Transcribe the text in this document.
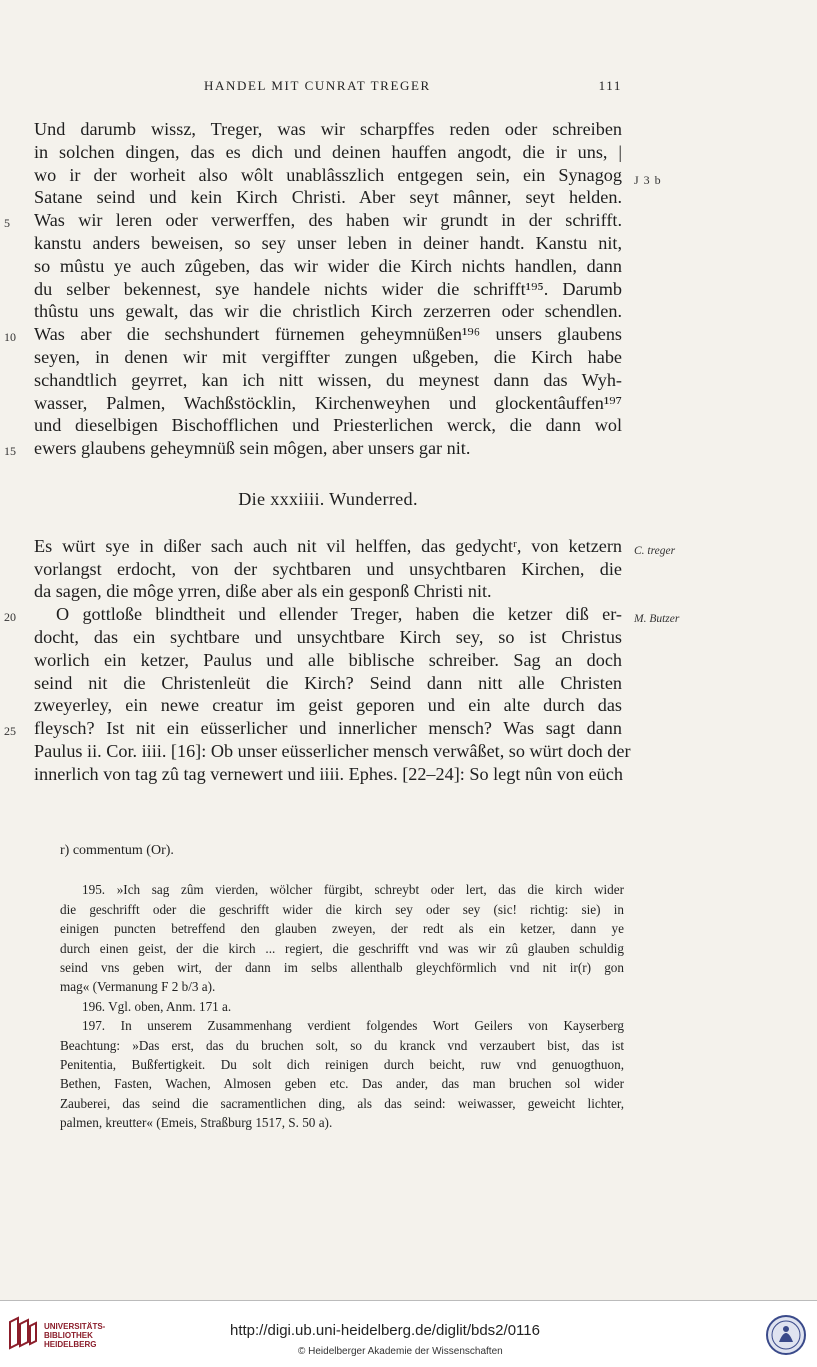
HANDEL MIT CUNRAT TREGER	111
Und darumb wissz, Treger, was wir scharpffes reden oder schreiben
in solchen dingen, das es dich und deinen hauffen angodt, die ir uns, |
wo ir der worheit also wôlt unablâsszlich entgegen sein, ein Synagog J 3 b
Satane seind und kein Kirch Christi. Aber seyt mânner, seyt helden.
Was wir leren oder verwerffen, des haben wir grundt in der schrifft.
5
kanstu anders beweisen, so sey unser leben in deiner handt. Kanstu nit,
so mûstu ye auch zûgeben, das wir wider die Kirch nichts handlen, dann
du selber bekennest, sye handele nichts wider die schrifft¹⁹⁵. Darumb
thûstu uns gewalt, das wir die christlich Kirch zerzerren oder schendlen.
Was aber die sechshundert fürnemen geheymnüßen¹⁹⁶ unsers glaubens
10
seyen, in denen wir mit vergiffter zungen ußgeben, die Kirch habe
schandtlich geyrret, kan ich nitt wissen, du meynest dann das Wyh-
wasser, Palmen, Wachßstöcklin, Kirchenweyhen und glockentâuffen¹⁹⁷
und dieselbigen Bischofflichen und Priesterlichen werck, die dann wol
ewers glaubens geheymnüß sein môgen, aber unsers gar nit.
15
Die xxxiiii. Wunderred.
Es würt sye in dißer sach auch nit vil helffen, das gedychtʳ, von ketzern C. treger
vorlangst erdocht, von der sychtbaren und unsychtbaren Kirchen, die
da sagen, die môge yrren, diße aber als ein gesponß Christi nit.
O gottloße blindtheit und ellender Treger, haben die ketzer diß er-
20	M. Butzer
docht, das ein sychtbare und unsychtbare Kirch sey, so ist Christus
worlich ein ketzer, Paulus und alle biblische schreiber. Sag an doch
seind nit die Christenleüt die Kirch? Seind dann nitt alle Christen
zweyerley, ein newe creatur im geist geporen und ein alte durch das
fleysch? Ist nit ein eüsserlicher und innerlicher mensch? Was sagt dann
25
Paulus ii. Cor. iiii. [16]: Ob unser eüsserlicher mensch verwâßet, so würt doch der
innerlich von tag zû tag vernewert und iiii. Ephes. [22–24]: So legt nûn von eüch
r) commentum (Or).
195. »Ich sag zûm vierden, wölcher fürgibt, schreybt oder lert, das die kirch wider
die geschrifft oder die geschrifft wider die kirch sey oder sey (sic! richtig: sie) in
einigen puncten betreffend den glauben zweyen, der redt als ein ketzer, dann ye
durch einen geist, der die kirch ... regiert, die geschrifft vnd was wir zû glauben schuldig
seind vns geben wirt, der dann im selbs allenthalb gleychförmlich vnd nit ir(r) gon
mag« (Vermanung F 2 b/3 a).
196. Vgl. oben, Anm. 171 a.
197. In unserem Zusammenhang verdient folgendes Wort Geilers von Kayserberg
Beachtung: »Das erst, das du bruchen solt, so du kranck vnd verzaubert bist, das ist
Penitentia, Bußfertigkeit. Du solt dich reinigen durch beicht, ruw vnd genuogthuon,
Bethen, Fasten, Wachen, Almosen geben etc. Das ander, das man bruchen sol wider
Zauberei, das seind die sacramentlichen ding, als das seind: weiwasser, geweicht lichter,
palmen, kreutter« (Emeis, Straßburg 1517, S. 50 a).
UNIVERSITÄTS-
BIBLIOTHEK
HEIDELBERG
http://digi.ub.uni-heidelberg.de/diglit/bds2/0116
© Heidelberger Akademie der Wissenschaften
